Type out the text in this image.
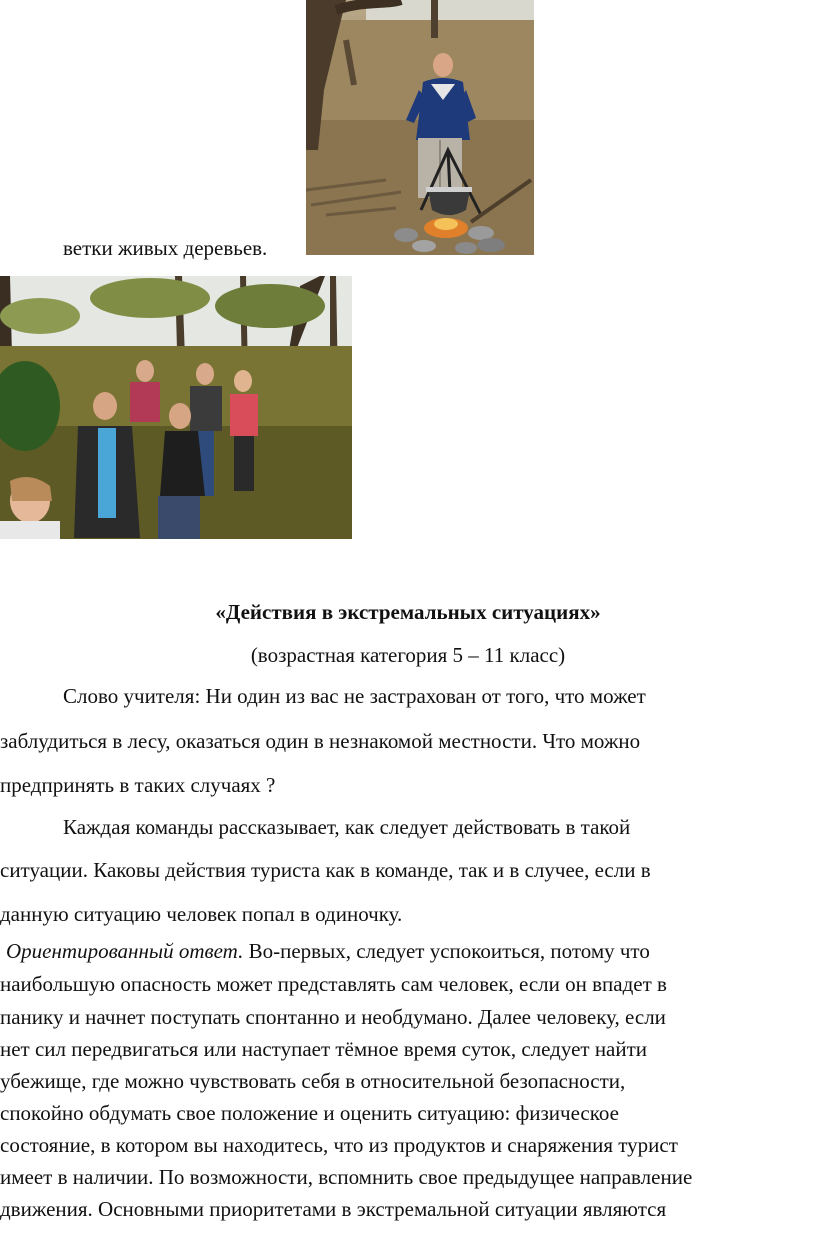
ветки живых деревьев.
«Действия в экстремальных ситуациях»
(возрастная категория 5 – 11 класс)
Слово учителя: Ни один из вас не застрахован от того, что может
заблудиться в лесу, оказаться один в незнакомой местности. Что можно
предпринять в таких случаях ?
Каждая команды рассказывает, как следует действовать в такой
ситуации. Каковы действия туриста как в команде, так и в случее, если в
данную ситуацию человек попал в одиночку.
Ориентированный ответ. Во-первых, следует успокоиться, потому что
наибольшую опасность может представлять сам человек, если он впадет в
панику и начнет поступать спонтанно и необдумано. Далее человеку, если
нет сил передвигаться или наступает тёмное время суток, следует найти
убежище, где можно чувствовать себя в относительной безопасности,
спокойно обдумать свое положение и оценить ситуацию: физическое
состояние, в котором вы находитесь, что из продуктов и снаряжения турист
имеет в наличии. По возможности, вспомнить свое предыдущее направление
движения. Основными приоритетами в экстремальной ситуации являются
